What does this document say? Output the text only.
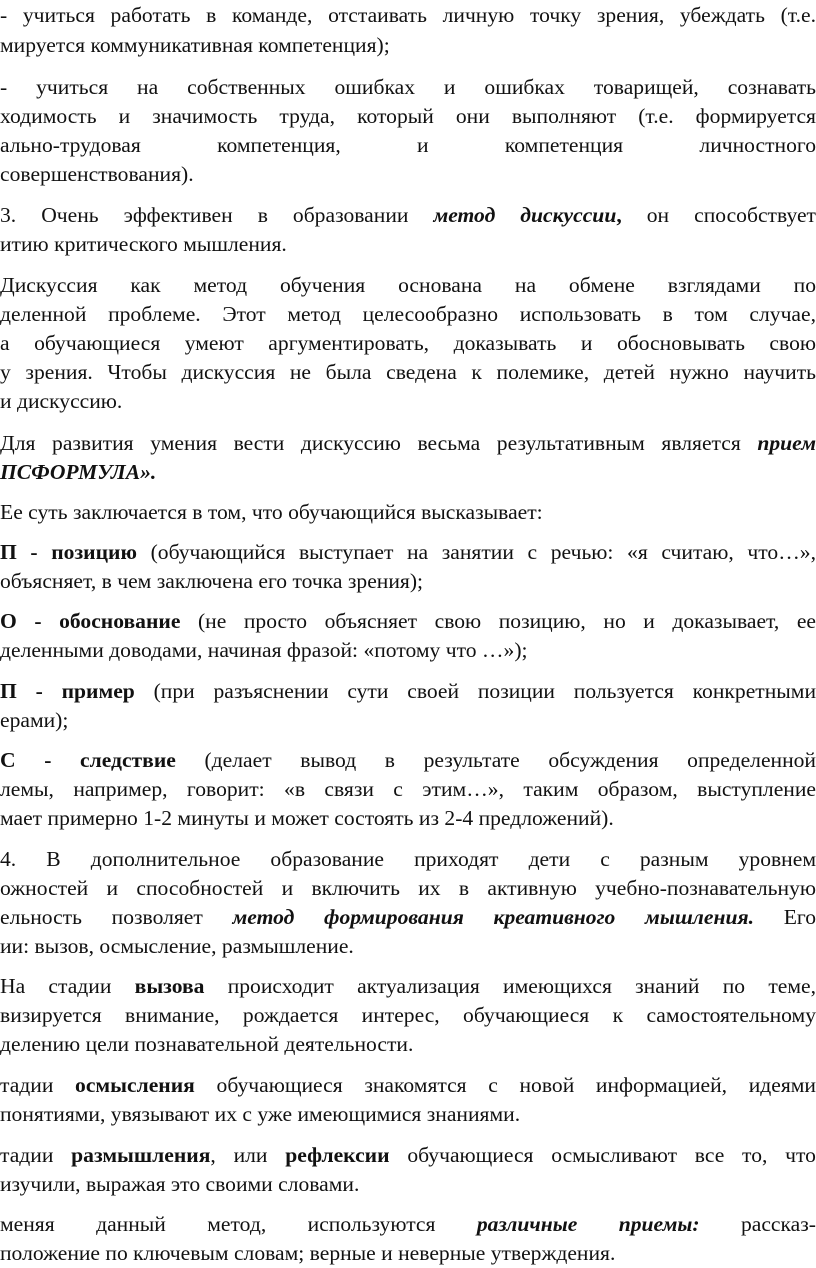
- учиться работать в команде, отстаивать личную точку зрения, убеждать (т.е.
мируется коммуникативная компетенция);
- учиться на собственных ошибках и ошибках товарищей, сознавать
ходимость и значимость труда, который они выполняют (т.е. формируется
ально-трудовая компетенция, и компетенция личностного
совершенствования).
3. Очень эффективен в образовании метод дискуссии, он способствует
итию критического мышления.
Дискуссия как метод обучения основана на обмене взглядами по
деленной проблеме. Этот метод целесообразно использовать в том случае,
а обучающиеся умеют аргументировать, доказывать и обосновывать свою
у зрения. Чтобы дискуссия не была сведена к полемике, детей нужно научить
и дискуссию.
Для развития умения вести дискуссию весьма результативным является прием
ПСФОРМУЛА».
Ее суть заключается в том, что обучающийся высказывает:
П - позицию (обучающийся выступает на занятии с речью: «я считаю, что…»,
объясняет, в чем заключена его точка зрения);
О - обоснование (не просто объясняет свою позицию, но и доказывает, ее
деленными доводами, начиная фразой: «потому что …»);
П - пример (при разъяснении сути своей позиции пользуется конкретными
ерами);
С - следствие (делает вывод в результате обсуждения определенной
лемы, например, говорит: «в связи с этим…», таким образом, выступление
мает примерно 1-2 минуты и может состоять из 2-4 предложений).
4. В дополнительное образование приходят дети с разным уровнем
ожностей и способностей и включить их в активную учебно-познавательную
ельность позволяет метод формирования креативного мышления. Его
ии: вызов, осмысление, размышление.
На стадии вызова происходит актуализация имеющихся знаний по теме,
визируется внимание, рождается интерес, обучающиеся к самостоятельному
делению цели познавательной деятельности.
тадии осмысления обучающиеся знакомятся с новой информацией, идеями
понятиями, увязывают их с уже имеющимися знаниями.
тадии размышления, или рефлексии обучающиеся осмысливают все то, что
изучили, выражая это своими словами.
меняя данный метод, используются различные приемы: рассказ-
положение по ключевым словам; верные и неверные утверждения.
